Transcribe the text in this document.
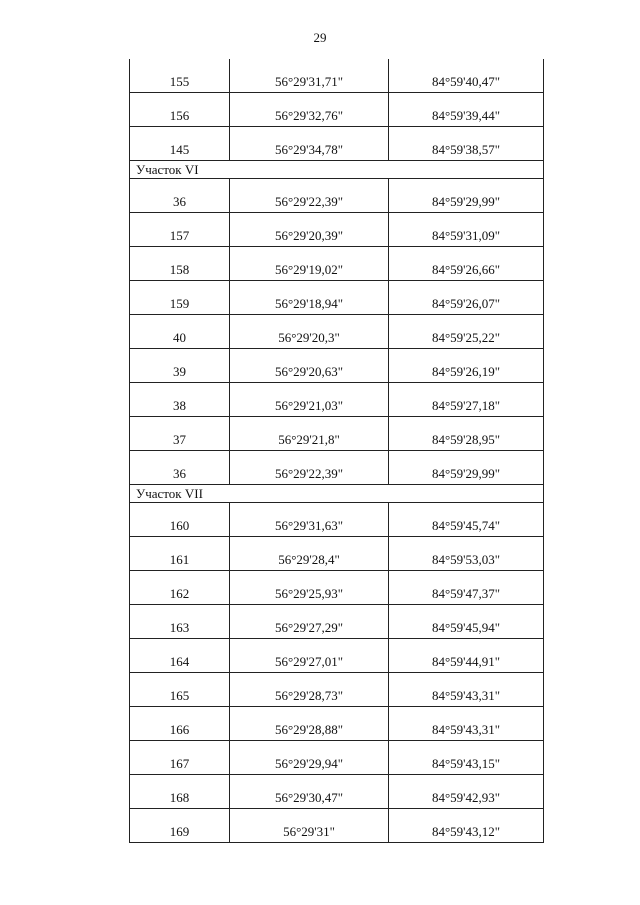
29
155	56°29'31,71"	84°59'40,47"
156	56°29'32,76"	84°59'39,44"
145	56°29'34,78"	84°59'38,57"
Участок VI		
36	56°29'22,39"	84°59'29,99"
157	56°29'20,39"	84°59'31,09"
158	56°29'19,02"	84°59'26,66"
159	56°29'18,94"	84°59'26,07"
40	56°29'20,3"	84°59'25,22"
39	56°29'20,63"	84°59'26,19"
38	56°29'21,03"	84°59'27,18"
37	56°29'21,8"	84°59'28,95"
36	56°29'22,39"	84°59'29,99"
Участок VII		
160	56°29'31,63"	84°59'45,74"
161	56°29'28,4"	84°59'53,03"
162	56°29'25,93"	84°59'47,37"
163	56°29'27,29"	84°59'45,94"
164	56°29'27,01"	84°59'44,91"
165	56°29'28,73"	84°59'43,31"
166	56°29'28,88"	84°59'43,31"
167	56°29'29,94"	84°59'43,15"
168	56°29'30,47"	84°59'42,93"
169	56°29'31"	84°59'43,12"
